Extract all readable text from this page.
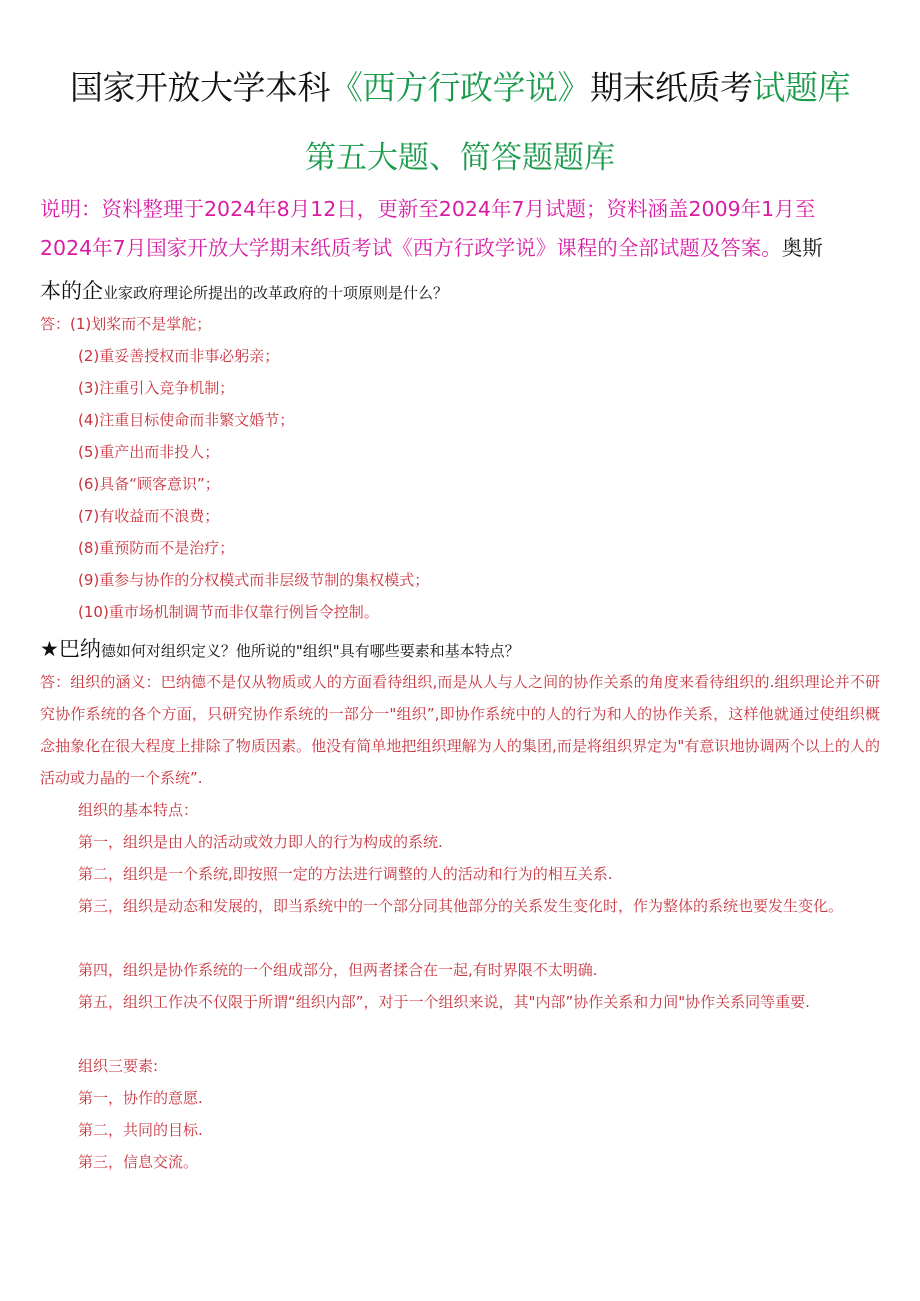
国家开放大学本科《西方行政学说》期末纸质考试题库
第五大题、简答题题库
说明：资料整理于2024年8月12日，更新至2024年7月试题；资料涵盖2009年1月至
2024年7月国家开放大学期末纸质考试《西方行政学说》课程的全部试题及答案。奥斯
本的企业家政府理论所提出的改革政府的十项原则是什么？
答：(1)划桨而不是掌舵；
(2)重妥善授权而非事必躬亲；
(3)注重引入竞争机制；
(4)注重目标使命而非繁文婚节；
(5)重产出而非投人；
(6)具备“顾客意识”；
(7)有收益而不浪费；
(8)重预防而不是治疗；
(9)重参与协作的分权模式而非层级节制的集权模式；
(10)重市场机制调节而非仅靠行例旨令控制。
★巴纳德如何对组织定义？他所说的"组织"具有哪些要素和基本特点？
答：组织的涵义：巴纳德不是仅从物质或人的方面看待组织,而是从人与人之间的协作关系的角度来看待组织的.组织理论并不研究协作系统的各个方面，只研究协作系统的一部分一"组织”,即协作系统中的人的行为和人的协作关系，这样他就通过使组织概念抽象化在很大程度上排除了物质因素。他没有简单地把组织理解为人的集团,而是将组织界定为"有意识地协调两个以上的人的活动或力晶的一个系统”.
组织的基本特点：
第一，组织是由人的活动或效力即人的行为构成的系统.
第二，组织是一个系统,即按照一定的方法进行调整的人的活动和行为的相互关系.
第三，组织是动态和发展的，即当系统中的一个部分同其他部分的关系发生变化时，作为整体的系统也要发生变化。
第四，组织是协作系统的一个组成部分，但两者揉合在一起,有时界限不太明确.
第五，组织工作决不仅限于所谓“组织内部”，对于一个组织来说，其"内部”协作关系和力间"协作关系同等重要.
组织三要素:
第一，协作的意愿.
第二，共同的目标.
第三，信息交流。
